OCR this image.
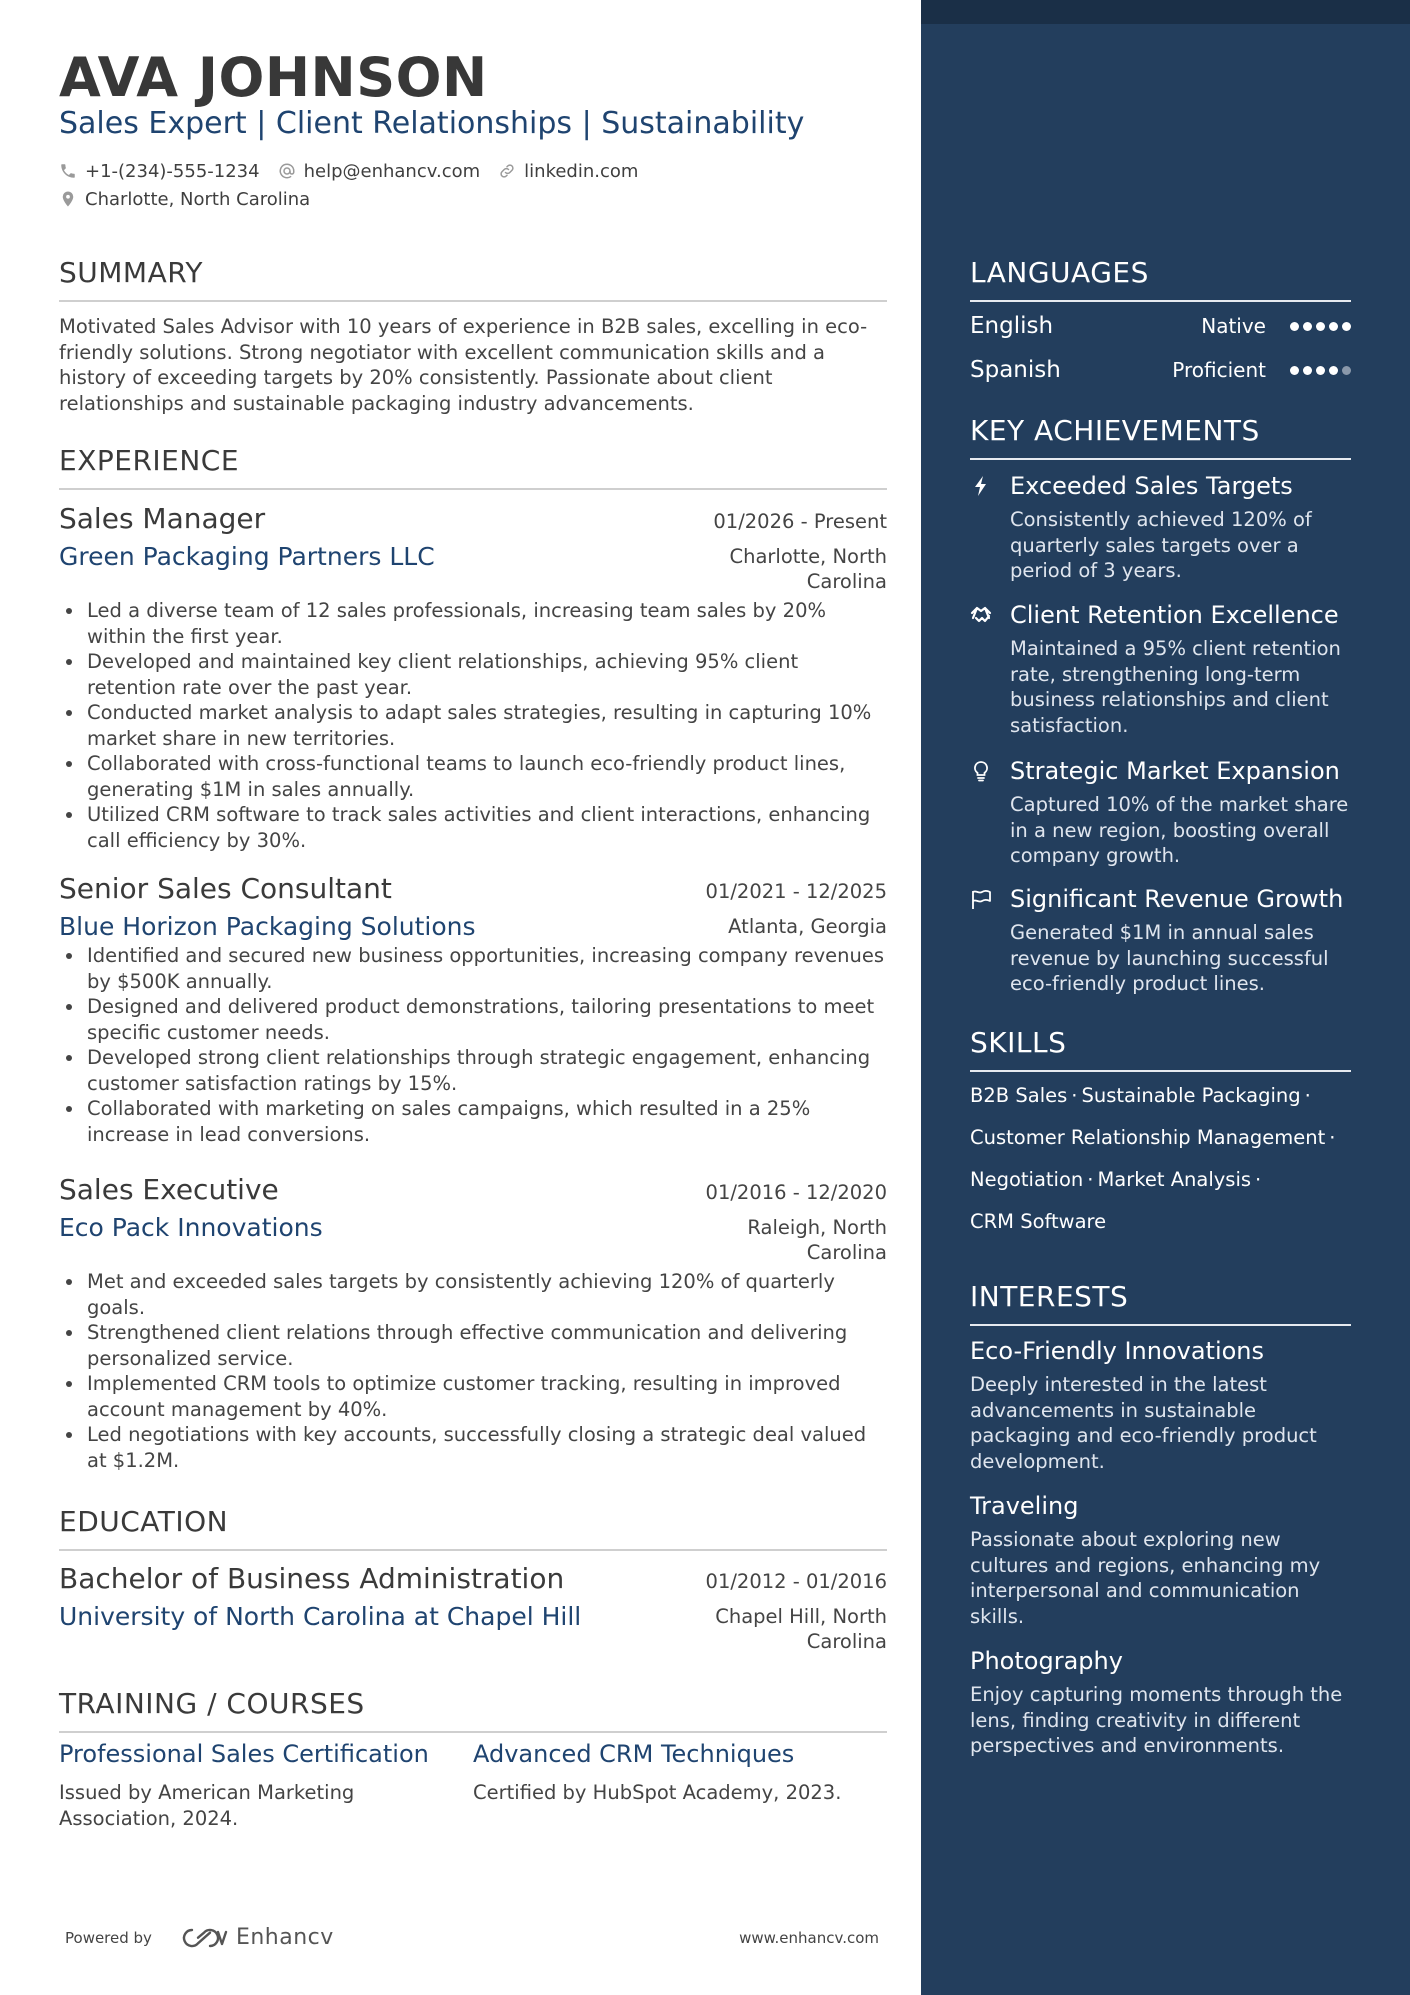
AVA JOHNSON
Sales Expert | Client Relationships | Sustainability
+1-(234)-555-1234 help@enhancv.com linkedin.com
Charlotte, North Carolina
SUMMARY
Motivated Sales Advisor with 10 years of experience in B2B sales, excelling in eco-friendly solutions. Strong negotiator with excellent communication skills and a history of exceeding targets by 20% consistently. Passionate about client relationships and sustainable packaging industry advancements.
EXPERIENCE
Sales Manager	01/2026 - Present
Green Packaging Partners LLC	Charlotte, North Carolina
Led a diverse team of 12 sales professionals, increasing team sales by 20% within the first year.
Developed and maintained key client relationships, achieving 95% client retention rate over the past year.
Conducted market analysis to adapt sales strategies, resulting in capturing 10% market share in new territories.
Collaborated with cross-functional teams to launch eco-friendly product lines, generating $1M in sales annually.
Utilized CRM software to track sales activities and client interactions, enhancing call efficiency by 30%.
Senior Sales Consultant	01/2021 - 12/2025
Blue Horizon Packaging Solutions	Atlanta, Georgia
Identified and secured new business opportunities, increasing company revenues by $500K annually.
Designed and delivered product demonstrations, tailoring presentations to meet specific customer needs.
Developed strong client relationships through strategic engagement, enhancing customer satisfaction ratings by 15%.
Collaborated with marketing on sales campaigns, which resulted in a 25% increase in lead conversions.
Sales Executive	01/2016 - 12/2020
Eco Pack Innovations	Raleigh, North Carolina
Met and exceeded sales targets by consistently achieving 120% of quarterly goals.
Strengthened client relations through effective communication and delivering personalized service.
Implemented CRM tools to optimize customer tracking, resulting in improved account management by 40%.
Led negotiations with key accounts, successfully closing a strategic deal valued at $1.2M.
EDUCATION
Bachelor of Business Administration	01/2012 - 01/2016
University of North Carolina at Chapel Hill	Chapel Hill, North Carolina
TRAINING / COURSES
Professional Sales Certification
Issued by American Marketing Association, 2024.
Advanced CRM Techniques
Certified by HubSpot Academy, 2023.
Powered by	Enhancv	www.enhancv.com
LANGUAGES
English	Native
Spanish	Proficient
KEY ACHIEVEMENTS
Exceeded Sales Targets
Consistently achieved 120% of quarterly sales targets over a period of 3 years.
Client Retention Excellence
Maintained a 95% client retention rate, strengthening long-term business relationships and client satisfaction.
Strategic Market Expansion
Captured 10% of the market share in a new region, boosting overall company growth.
Significant Revenue Growth
Generated $1M in annual sales revenue by launching successful eco-friendly product lines.
SKILLS
B2B Sales · Sustainable Packaging ·
Customer Relationship Management ·
Negotiation · Market Analysis ·
CRM Software
INTERESTS
Eco-Friendly Innovations
Deeply interested in the latest advancements in sustainable packaging and eco-friendly product development.
Traveling
Passionate about exploring new cultures and regions, enhancing my interpersonal and communication skills.
Photography
Enjoy capturing moments through the lens, finding creativity in different perspectives and environments.
